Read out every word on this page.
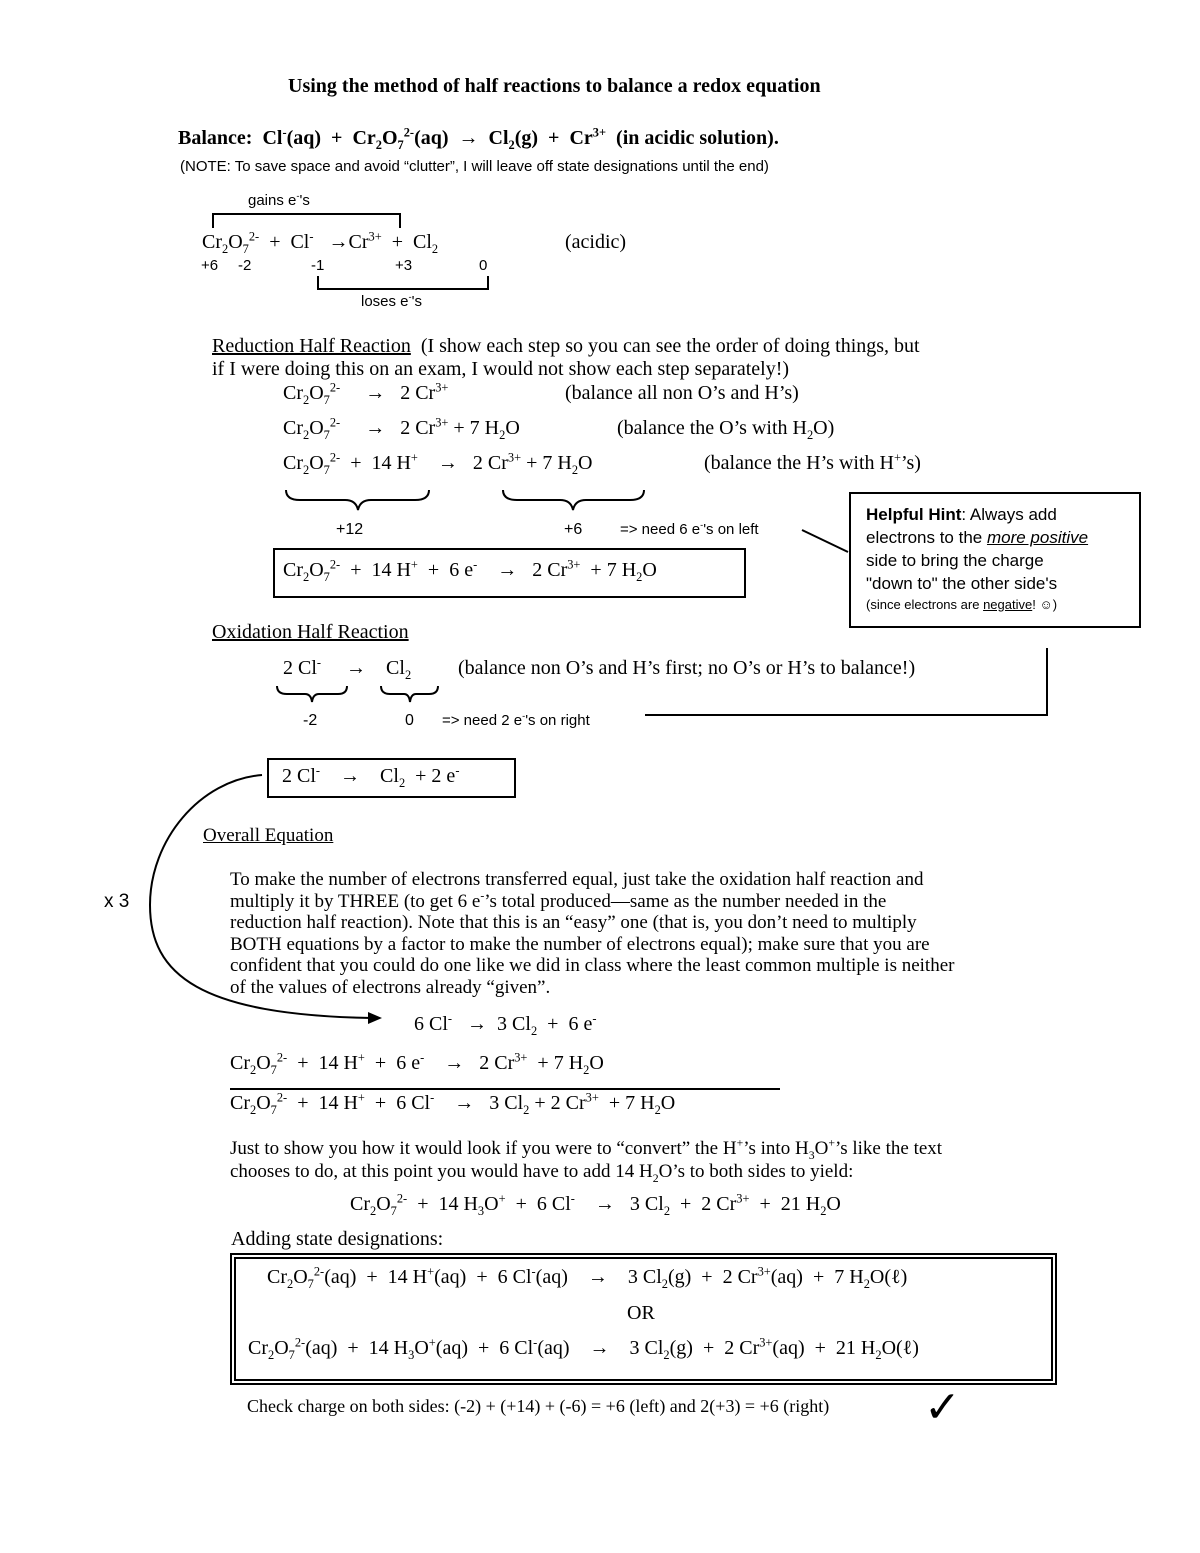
Using the method of half reactions to balance a redox equation
Balance: $Cl^-(aq) + Cr_2O_7^{2-}(aq) \to Cl_2(g) + Cr^{3+}$ (in acidic solution).
(NOTE: To save space and avoid “clutter”, I will leave off state designations until the end)
gains e-'s
$Cr_2O_7^{2-} + Cl^- \to Cr^{3+} + Cl_2$	(acidic)
+6 -2	-1	+3	0
loses e-'s
Reduction Half Reaction (I show each step so you can see the order of doing things, but
if I were doing this on an exam, I would not show each step separately!)
$Cr_2O_7^{2-}$     →   2 $Cr^{3+}$	(balance all non O’s and H’s)
$Cr_2O_7^{2-}$     →   2 $Cr^{3+} + 7$ $H_2O$	(balance the O’s with $H_2O$)
$Cr_2O_7^{2-} + 14$ H+    →   2 $Cr^{3+} + 7$ $H_2O$	(balance the H’s with H+’s)
+12	+6	=> need 6 e-'s on left
$Cr_2O_7^{2-} + 14$ H+  +  6 e-    →   2 $Cr^{3+} + 7$ $H_2O$
Helpful Hint: Always add
electrons to the more positive
side to bring the charge
"down to" the other side's
(since electrons are negative! ☺)
Oxidation Half Reaction
2 Cl-     →    $Cl_2$ (balance non O’s and H’s first; no O’s or H’s to balance!)
-2	0 => need 2 e-'s on right
2 Cl-    →    $Cl_2 + 2$ e-
x 3
Overall Equation
To make the number of electrons transferred equal, just take the oxidation half reaction and
multiply it by THREE (to get 6 e-’s total produced—same as the number needed in the
reduction half reaction). Note that this is an “easy” one (that is, you don’t need to multiply
BOTH equations by a factor to make the number of electrons equal); make sure that you are
confident that you could do one like we did in class where the least common multiple is neither
of the values of electrons already “given”.
6 Cl-   →  3 $Cl_2 + 6$ e-
$Cr_2O_7^{2-} + 14$ H+  +  6 e-    →   2 $Cr^{3+} + 7$ $H_2O$
$Cr_2O_7^{2-} + 14$ H+  +  6 Cl-    →   3 $Cl_2 + 2$ $Cr^{3+} + 7$ $H_2O$
Just to show you how it would look if you were to “convert” the H+’s into $H_3O^+’s$ like the text
chooses to do, at this point you would have to add 14 $H_2O’s$ to both sides to yield:
$Cr_2O_7^{2-} + 14$ $H_3O^+ + 6$ Cl-    →   3 $Cl_2 + 2$ $Cr^{3+} + 21$ $H_2O$
Adding state designations:
$Cr_2O_7^{2-}(aq) + 14$ H+(aq)  +  6 Cl-(aq)    →    3 $Cl_2(g) + 2$ $Cr^{3+}(aq) + 7$ $H_2O(\ell)$
OR
$Cr_2O_7^{2-}(aq) + 14$ $H_3O^+(aq) + 6$ Cl-(aq)    →    3 $Cl_2(g) + 2$ $Cr^{3+}(aq) + 21$ $H_2O(\ell)$
Check charge on both sides: (-2) + (+14) + (-6) = +6 (left) and 2(+3) = +6 (right) ✓
